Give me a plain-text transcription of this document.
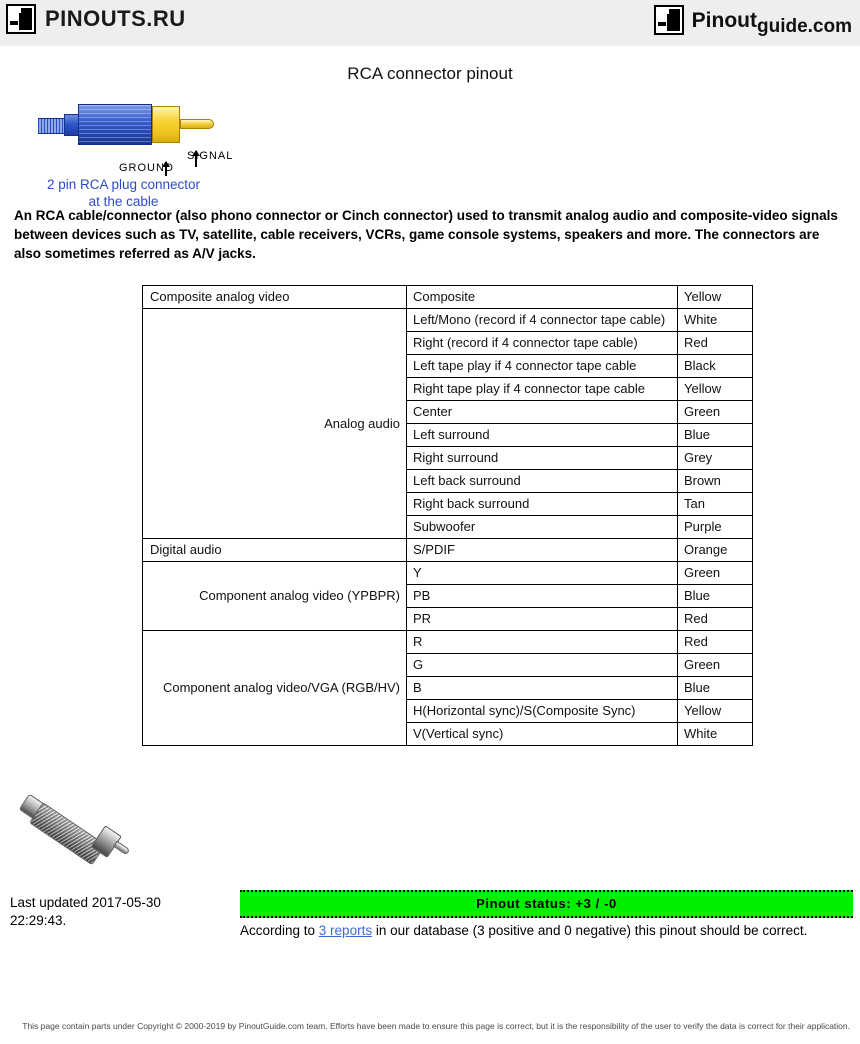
PINOUTS.RU	Pinoutguide.com
RCA connector pinout
GROUND
SIGNAL
2 pin RCA plug connector
at the cable
An RCA cable/connector (also phono connector or Cinch connector) used to transmit analog audio and composite-video signals between devices such as TV, satellite, cable receivers, VCRs, game console systems, speakers and more. The connectors are also sometimes referred as A/V jacks.
Composite analog video	Composite	Yellow
Analog audio	Left/Mono (record if 4 connector tape cable)	White
	Right (record if 4 connector tape cable)	Red
	Left tape play if 4 connector tape cable	Black
	Right tape play if 4 connector tape cable	Yellow
	Center	Green
	Left surround	Blue
	Right surround	Grey
	Left back surround	Brown
	Right back surround	Tan
	Subwoofer	Purple
Digital audio	S/PDIF	Orange
Component analog video (YPBPR)	Y	Green
	PB	Blue
	PR	Red
Component analog video/VGA (RGB/HV)	R	Red
	G	Green
	B	Blue
	H(Horizontal sync)/S(Composite Sync)	Yellow
	V(Vertical sync)	White
Last updated 2017-05-30 22:29:43.
Pinout status: +3 / -0
According to 3 reports in our database (3 positive and 0 negative) this pinout should be correct.
This page contain parts under Copyright © 2000-2019 by PinoutGuide.com team. Efforts have been made to ensure this page is correct, but it is the responsibility of the user to verify the data is correct for their application.
